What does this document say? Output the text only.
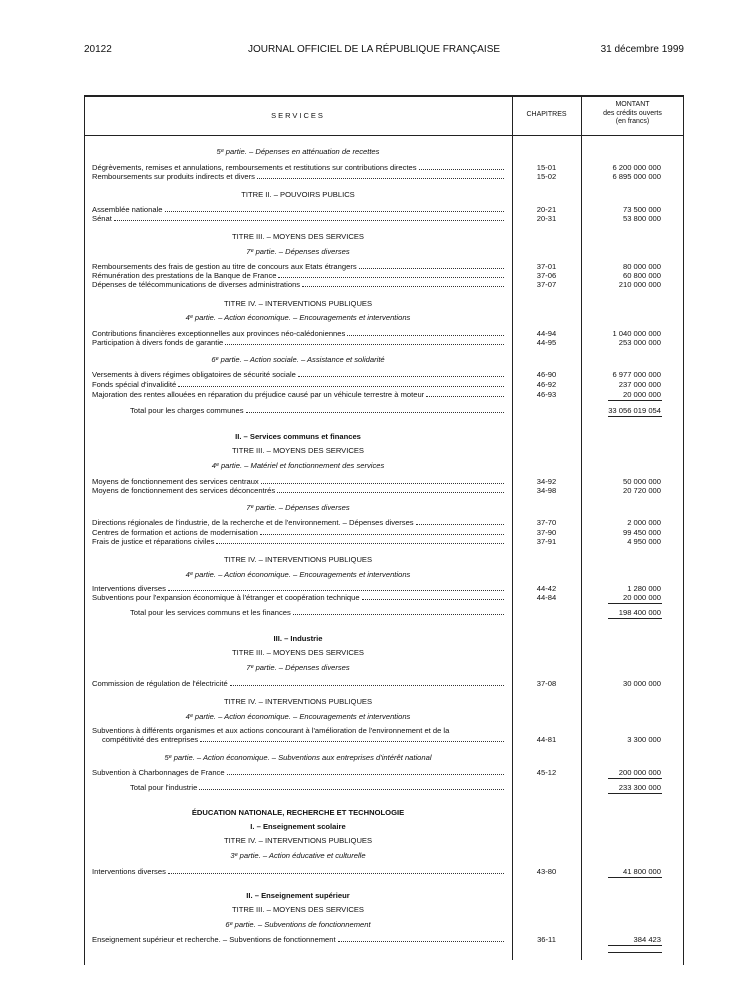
20122	JOURNAL OFFICIEL DE LA RÉPUBLIQUE FRANÇAISE	31 décembre 1999
SERVICES	CHAPITRES
MONTANT
des crédits ouverts
(en francs)
5ᵉ partie. – Dépenses en atténuation de recettes
Dégrèvements, remises et annulations, remboursements et restitutions sur contributions directes	15-01	6 200 000 000
Remboursements sur produits indirects et divers	15-02	6 895 000 000
TITRE II. – POUVOIRS PUBLICS
Assemblée nationale	20-21	73 500 000
Sénat	20-31	53 800 000
TITRE III. – MOYENS DES SERVICES
7ᵉ partie. – Dépenses diverses
Remboursements des frais de gestion au titre de concours aux Etats étrangers	37-01	80 000 000
Rémunération des prestations de la Banque de France	37-06	60 800 000
Dépenses de télécommunications de diverses administrations	37-07	210 000 000
TITRE IV. – INTERVENTIONS PUBLIQUES
4ᵉ partie. – Action économique. – Encouragements et interventions
Contributions financières exceptionnelles aux provinces néo-calédoniennes	44-94	1 040 000 000
Participation à divers fonds de garantie	44-95	253 000 000
6ᵉ partie. – Action sociale. – Assistance et solidarité
Versements à divers régimes obligatoires de sécurité sociale	46-90	6 977 000 000
Fonds spécial d'invalidité	46-92	237 000 000
Majoration des rentes allouées en réparation du préjudice causé par un véhicule terrestre à moteur	46-93	20 000 000
Total pour les charges communes	33 056 019 054
II. – Services communs et finances
TITRE III. – MOYENS DES SERVICES
4ᵉ partie. – Matériel et fonctionnement des services
Moyens de fonctionnement des services centraux	34-92	50 000 000
Moyens de fonctionnement des services déconcentrés	34-98	20 720 000
7ᵉ partie. – Dépenses diverses
Directions régionales de l'industrie, de la recherche et de l'environnement. – Dépenses diverses	37-70	2 000 000
Centres de formation et actions de modernisation	37-90	99 450 000
Frais de justice et réparations civiles	37-91	4 950 000
TITRE IV. – INTERVENTIONS PUBLIQUES
4ᵉ partie. – Action économique. – Encouragements et interventions
Interventions diverses	44-42	1 280 000
Subventions pour l'expansion économique à l'étranger et coopération technique	44-84	20 000 000
Total pour les services communs et les finances	198 400 000
III. – Industrie
TITRE III. – MOYENS DES SERVICES
7ᵉ partie. – Dépenses diverses
Commission de régulation de l'électricité	37-08	30 000 000
TITRE IV. – INTERVENTIONS PUBLIQUES
4ᵉ partie. – Action économique. – Encouragements et interventions
Subventions à différents organismes et aux actions concourant à l'amélioration de l'environnement et de la
compétitivité des entreprises	44-81	3 300 000
5ᵉ partie. – Action économique. – Subventions aux entreprises d'intérêt national
Subvention à Charbonnages de France	45-12	200 000 000
Total pour l'industrie	233 300 000
ÉDUCATION NATIONALE, RECHERCHE ET TECHNOLOGIE
I. – Enseignement scolaire
TITRE IV. – INTERVENTIONS PUBLIQUES
3ᵉ partie. – Action éducative et culturelle
Interventions diverses	43-80	41 800 000
II. – Enseignement supérieur
TITRE III. – MOYENS DES SERVICES
6ᵉ partie. – Subventions de fonctionnement
Enseignement supérieur et recherche. – Subventions de fonctionnement	36-11	384 423
